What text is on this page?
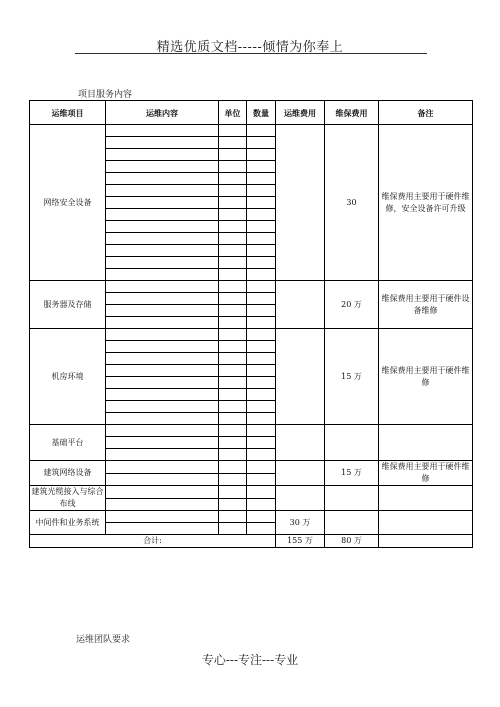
精选优质文档-----倾情为你奉上
项目服务内容
运维项目	运维内容	单位	数量	运维费用	维保费用	备注
网络安全设备					30	维保费用主要用于硬件维修，安全设备许可升级

服务器及存储					20 万	维保费用主要用于硬件设备维修

机房环境					15 万	维保费用主要用于硬件维修

基础平台						

建筑网络设备					15 万	维保费用主要用于硬件维修

建筑光缆接入与综合布线						

中间件和业务系统				30 万		

合计:				155 万	80 万	
运维团队要求
专心---专注---专业
